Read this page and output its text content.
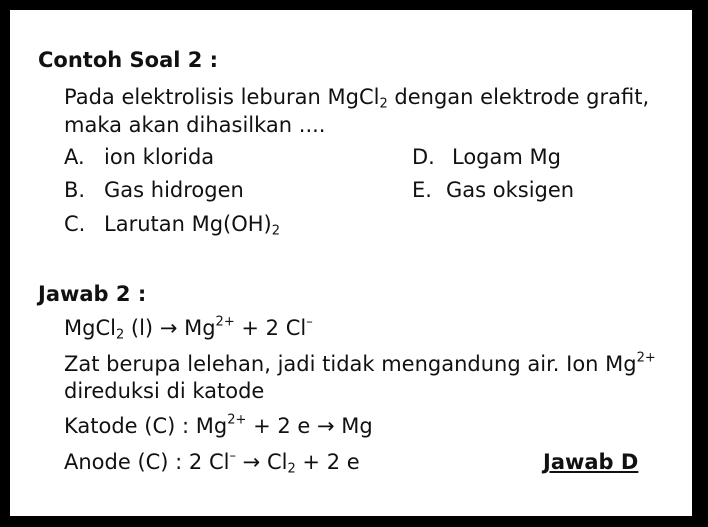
Contoh Soal 2 :
Pada elektrolisis leburan MgCl$_2$ dengan elektrode grafit,
maka akan dihasilkan ....
A. ion klorida
B. Gas hidrogen
C. Larutan $Mg(OH)_2$
D. Logam Mg
E. Gas oksigen
Jawab 2 :
MgCl$_2$ $(l) \to Mg^{2+} + 2$ Cl–
Zat berupa lelehan, jadi tidak mengandung air. Ion $Mg^{2+}$
direduksi di katode
Katode (C) : $Mg^{2+} + 2$ e → Mg
Anode (C) : 2 $Cl^- \to Cl_2 + 2$ e	Jawab D
